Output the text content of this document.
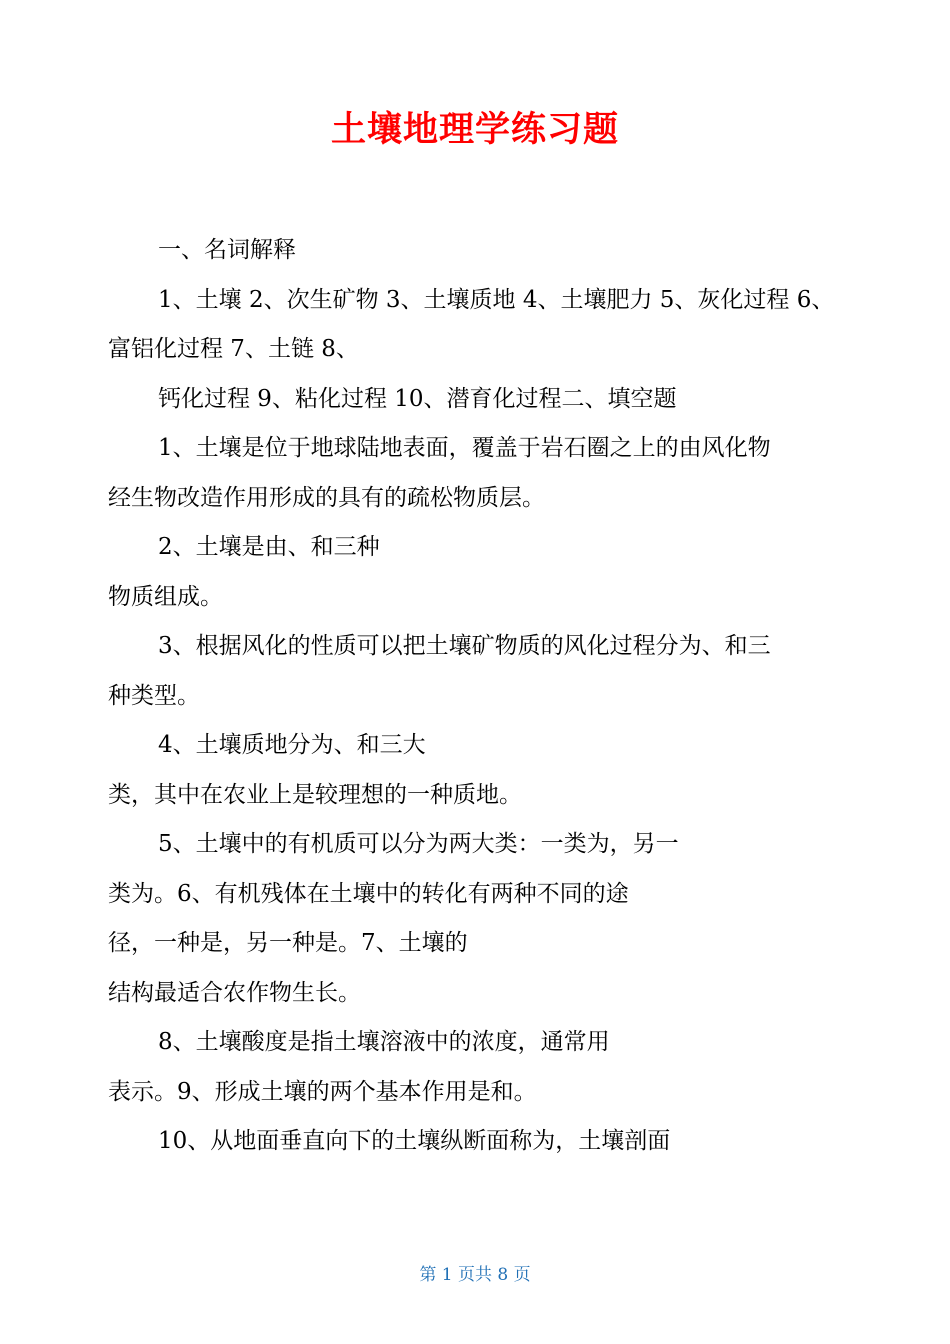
土壤地理学练习题
一、名词解释
1、土壤 2、次生矿物 3、土壤质地 4、土壤肥力 5、灰化过程 6、
富铝化过程 7、土链 8、
钙化过程 9、粘化过程 10、潜育化过程二、填空题
1、土壤是位于地球陆地表面，覆盖于岩石圈之上的由风化物
经生物改造作用形成的具有的疏松物质层。
2、土壤是由、和三种
物质组成。
3、根据风化的性质可以把土壤矿物质的风化过程分为、和三
种类型。
4、土壤质地分为、和三大
类，其中在农业上是较理想的一种质地。
5、土壤中的有机质可以分为两大类：一类为，另一
类为。6、有机残体在土壤中的转化有两种不同的途
径，一种是，另一种是。7、土壤的
结构最适合农作物生长。
8、土壤酸度是指土壤溶液中的浓度，通常用
表示。9、形成土壤的两个基本作用是和。
10、从地面垂直向下的土壤纵断面称为，土壤剖面
第 1 页共 8 页
